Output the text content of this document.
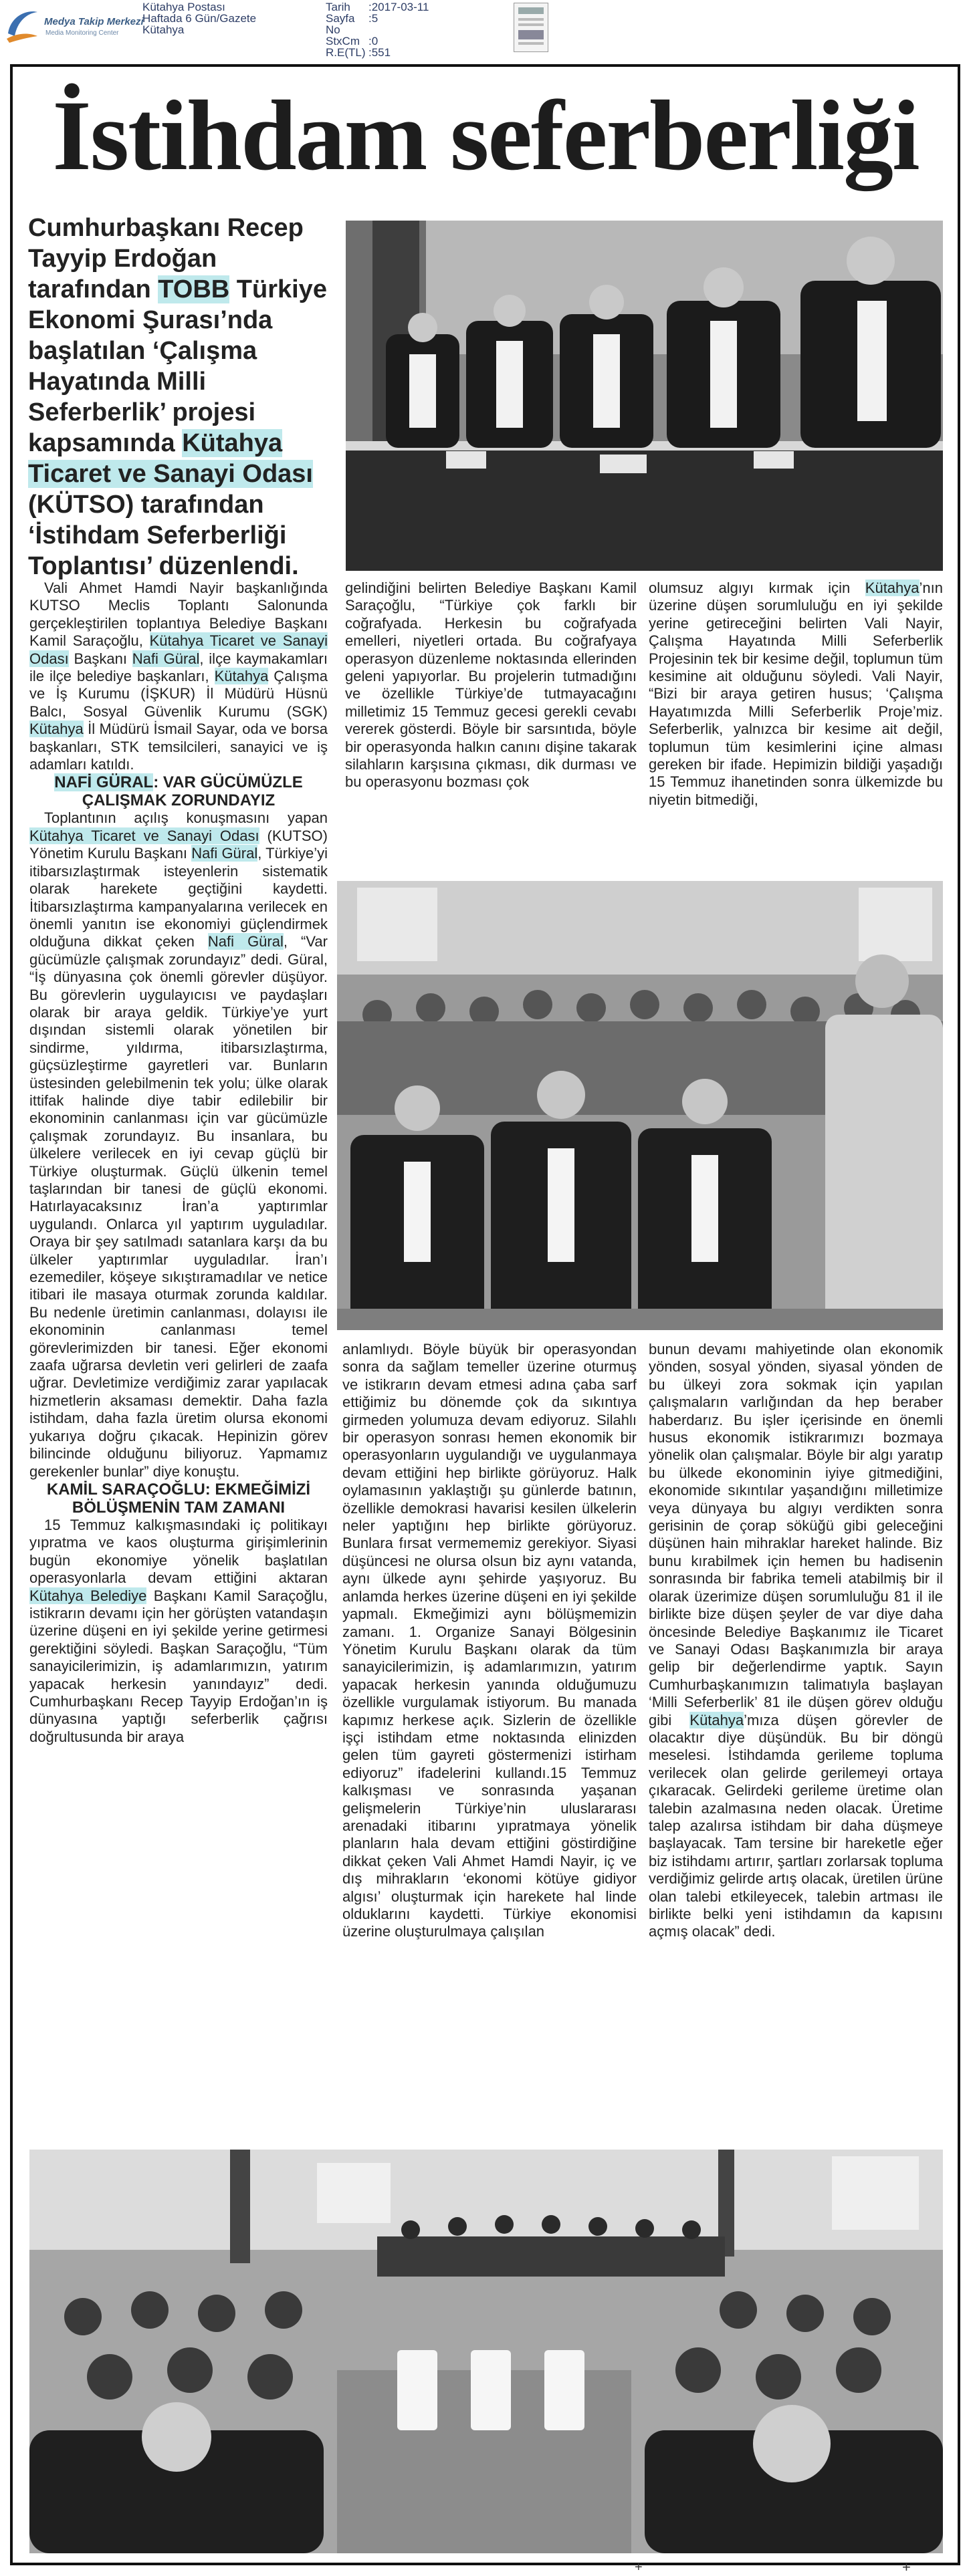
Medya Takip Merkezi
Media Monitoring Center
Kütahya Postası
Haftada 6 Gün/Gazete
Kütahya
Tarih	:2017-03-11
Sayfa No
:5
StxCm :0
R.E(TL) :551
İstihdam seferberliği
Cumhurbaşkanı Recep Tayyip Erdoğan tarafından TOBB Türkiye Ekonomi Şurası’nda başlatılan ‘Çalışma Hayatında Milli Seferberlik’ projesi kapsamında Kütahya Ticaret ve Sanayi Odası (KÜTSO) tarafından ‘İstihdam Seferberliği Toplantısı’ düzenlendi.

Vali Ahmet Hamdi Nayir başkanlığında KUTSO Meclis Toplantı Salonunda gerçekleştirilen toplantıya Belediye Başkanı Kamil Saraçoğlu, Kütahya Ticaret ve Sanayi Odası Başkanı Nafi Güral, ilçe kaymakamları ile ilçe belediye başkanları, Kütahya Çalışma ve İş Kurumu (İŞKUR) İl Müdürü Hüsnü Balcı, Sosyal Güvenlik Kurumu (SGK) Kütahya İl Müdürü İsmail Sayar, oda ve borsa başkanları, STK temsilcileri, sanayici ve iş adamları katıldı.

NAFİ GÜRAL: VAR GÜCÜMÜZLE ÇALIŞMAK ZORUNDAYIZ

Toplantının açılış konuşmasını yapan Kütahya Ticaret ve Sanayi Odası (KUTSO) Yönetim Kurulu Başkanı Nafi Güral, Türkiye’yi itibarsızlaştırmak isteyenlerin sistematik olarak harekete geçtiğini kaydetti. İtibarsızlaştırma kampanyalarına verilecek en önemli yanıtın ise ekonomiyi güçlendirmek olduğuna dikkat çeken Nafi Güral, “Var gücümüzle çalışmak zorundayız” dedi. Güral, “İş dünyasına çok önemli görevler düşüyor. Bu görevlerin uygulayıcısı ve paydaşları olarak bir araya geldik. Türkiye’ye yurt dışından sistemli olarak yönetilen bir sindirme, yıldırma, itibarsızlaştırma, güçsüzleştirme gayretleri var. Bunların üstesinden gelebilmenin tek yolu; ülke olarak ittifak halinde diye tabir edilebilir bir ekonominin canlanması için var gücümüzle çalışmak zorundayız. Bu insanlara, bu ülkelere verilecek en iyi cevap güçlü bir Türkiye oluşturmak. Güçlü ülkenin temel taşlarından bir tanesi de güçlü ekonomi. Hatırlayacaksınız İran’a yaptırımlar uygulandı. Onlarca yıl yaptırım uyguladılar. Oraya bir şey satılmadı satanlara karşı da bu ülkeler yaptırımlar uyguladılar. İran’ı ezemediler, köşeye sıkıştıramadılar ve netice itibari ile masaya oturmak zorunda kaldılar. Bu nedenle üretimin canlanması, dolayısı ile ekonominin canlanması temel görevlerimizden bir tanesi. Eğer ekonomi zaafa uğrarsa devletin veri gelirleri de zaafa uğrar. Devletimize verdiğimiz zarar yapılacak hizmetlerin aksaması demektir. Daha fazla istihdam, daha fazla üretim olursa ekonomi yukarıya doğru çıkacak. Hepinizin görev bilincinde olduğunu biliyoruz. Yapmamız gerekenler bunlar” diye konuştu.

KAMİL SARAÇOĞLU: EKMEĞİMİZİ BÖLÜŞMENİN TAM ZAMANI

15 Temmuz kalkışmasındaki iç politikayı yıpratma ve kaos oluşturma girişimlerinin bugün ekonomiye yönelik başlatılan operasyonlarla devam ettiğini aktaran Kütahya Belediye Başkanı Kamil Saraçoğlu, istikrarın devamı için her görüşten vatandaşın üzerine düşeni en iyi şekilde yerine getirmesi gerektiğini söyledi. Başkan Saraçoğlu, “Tüm sanayicilerimizin, iş adamlarımızın, yatırım yapacak herkesin yanındayız” dedi. Cumhurbaşkanı Recep Tayyip Erdoğan’ın iş dünyasına yaptığı seferberlik çağrısı doğrultusunda bir araya

gelindiğini belirten Belediye Başkanı Kamil Saraçoğlu, “Türkiye çok farklı bir coğrafyada. Herkesin bu coğrafyada emelleri, niyetleri ortada. Bu coğrafyaya operasyon düzenleme noktasında ellerinden geleni yapıyorlar. Bu projelerin tutmadığını ve özellikle Türkiye’de tutmayacağını milletimiz 15 Temmuz gecesi gerekli cevabı vererek gösterdi. Böyle bir sarsıntıda, böyle bir operasyonda halkın canını dişine takarak silahların karşısına çıkması, dik durması ve bu operasyonu bozması çok

olumsuz algıyı kırmak için Kütahya’nın üzerine düşen sorumluluğu en iyi şekilde yerine getireceğini belirten Vali Nayir, Çalışma Hayatında Milli Seferberlik Projesinin tek bir kesime değil, toplumun tüm kesimine ait olduğunu söyledi. Vali Nayir, “Bizi bir araya getiren husus; ‘Çalışma Hayatımızda Milli Seferberlik Proje’miz. Seferberlik, yalnızca bir kesime ait değil, toplumun tüm kesimlerini içine alması gereken bir ifade. Hepimizin bildiği yaşadığı 15 Temmuz ihanetinden sonra ülkemizde bu niyetin bitmediği,

anlamlıydı. Böyle büyük bir operasyondan sonra da sağlam temeller üzerine oturmuş ve istikrarın devam etmesi adına çaba sarf ettiğimiz bu dönemde çok da sıkıntıya girmeden yolumuza devam ediyoruz. Silahlı bir operasyon sonrası hemen ekonomik bir operasyonların uygulandığı ve uygulanmaya devam ettiğini hep birlikte görüyoruz. Halk oylamasının yaklaştığı şu günlerde batının, özellikle demokrasi havarisi kesilen ülkelerin neler yaptığını hep birlikte görüyoruz. Bunlara fırsat vermememiz gerekiyor. Siyasi düşüncesi ne olursa olsun biz aynı vatanda, aynı ülkede aynı şehirde yaşıyoruz. Bu anlamda herkes üzerine düşeni en iyi şekilde yapmalı. Ekmeğimizi aynı bölüşmemizin zamanı. 1. Organize Sanayi Bölgesinin Yönetim Kurulu Başkanı olarak da tüm sanayicilerimizin, iş adamlarımızın, yatırım yapacak herkesin yanında olduğumuzu özellikle vurgulamak istiyorum. Bu manada kapımız herkese açık. Sizlerin de özellikle işçi istihdam etme noktasında elinizden gelen tüm gayreti göstermenizi istirham ediyoruz” ifadelerini kullandı.15 Temmuz kalkışması ve sonrasında yaşanan gelişmelerin Türkiye’nin uluslararası arenadaki itibarını yıpratmaya yönelik planların hala devam ettiğini göstirdiğine dikkat çeken Vali Ahmet Hamdi Nayir, iç ve dış mihrakların ‘ekonomi kötüye gidiyor algısı’ oluşturmak için harekete hal linde olduklarını kaydetti. Türkiye ekonomisi üzerine oluşturulmaya çalışılan

bunun devamı mahiyetinde olan ekonomik yönden, sosyal yönden, siyasal yönden de bu ülkeyi zora sokmak için yapılan çalışmaların varlığından da hep beraber haberdarız. Bu işler içerisinde en önemli husus ekonomik istikrarımızı bozmaya yönelik olan çalışmalar. Böyle bir algı yaratıp bu ülkede ekonominin iyiye gitmediğini, ekonomide sıkıntılar yaşandığını milletimize veya dünyaya bu algıyı verdikten sonra gerisinin de çorap söküğü gibi geleceğini düşünen hain mihraklar hareket halinde. Biz bunu kırabilmek için hemen bu hadisenin sonrasında bir fabrika temeli atabilmiş bir il olarak üzerimize düşen sorumluluğu 81 il ile birlikte bize düşen şeyler de var diye daha öncesinde Belediye Başkanımız ile Ticaret ve Sanayi Odası Başkanımızla bir araya gelip bir değerlendirme yaptık. Sayın Cumhurbaşkanımızın talimatıyla başlayan ‘Milli Seferberlik’ 81 ile düşen görev olduğu gibi Kütahya’mıza düşen görevler de olacaktır diye düşündük. Bu bir döngü meselesi. İstihdamda gerileme topluma verilecek olan gelirde gerilemeyi ortaya çıkaracak. Gelirdeki gerileme üretime olan talebin azalmasına neden olacak. Üretime talep azalırsa istihdam bir daha düşmeye başlayacak. Tam tersine bir hareketle eğer biz istihdamı artırır, şartları zorlarsak topluma verdiğimiz gelirde artış olacak, üretilen ürüne olan talebi etkileyecek, talebin artması ile birlikte belki yeni istihdamın da kapısını açmış olacak” dedi.

+	+
